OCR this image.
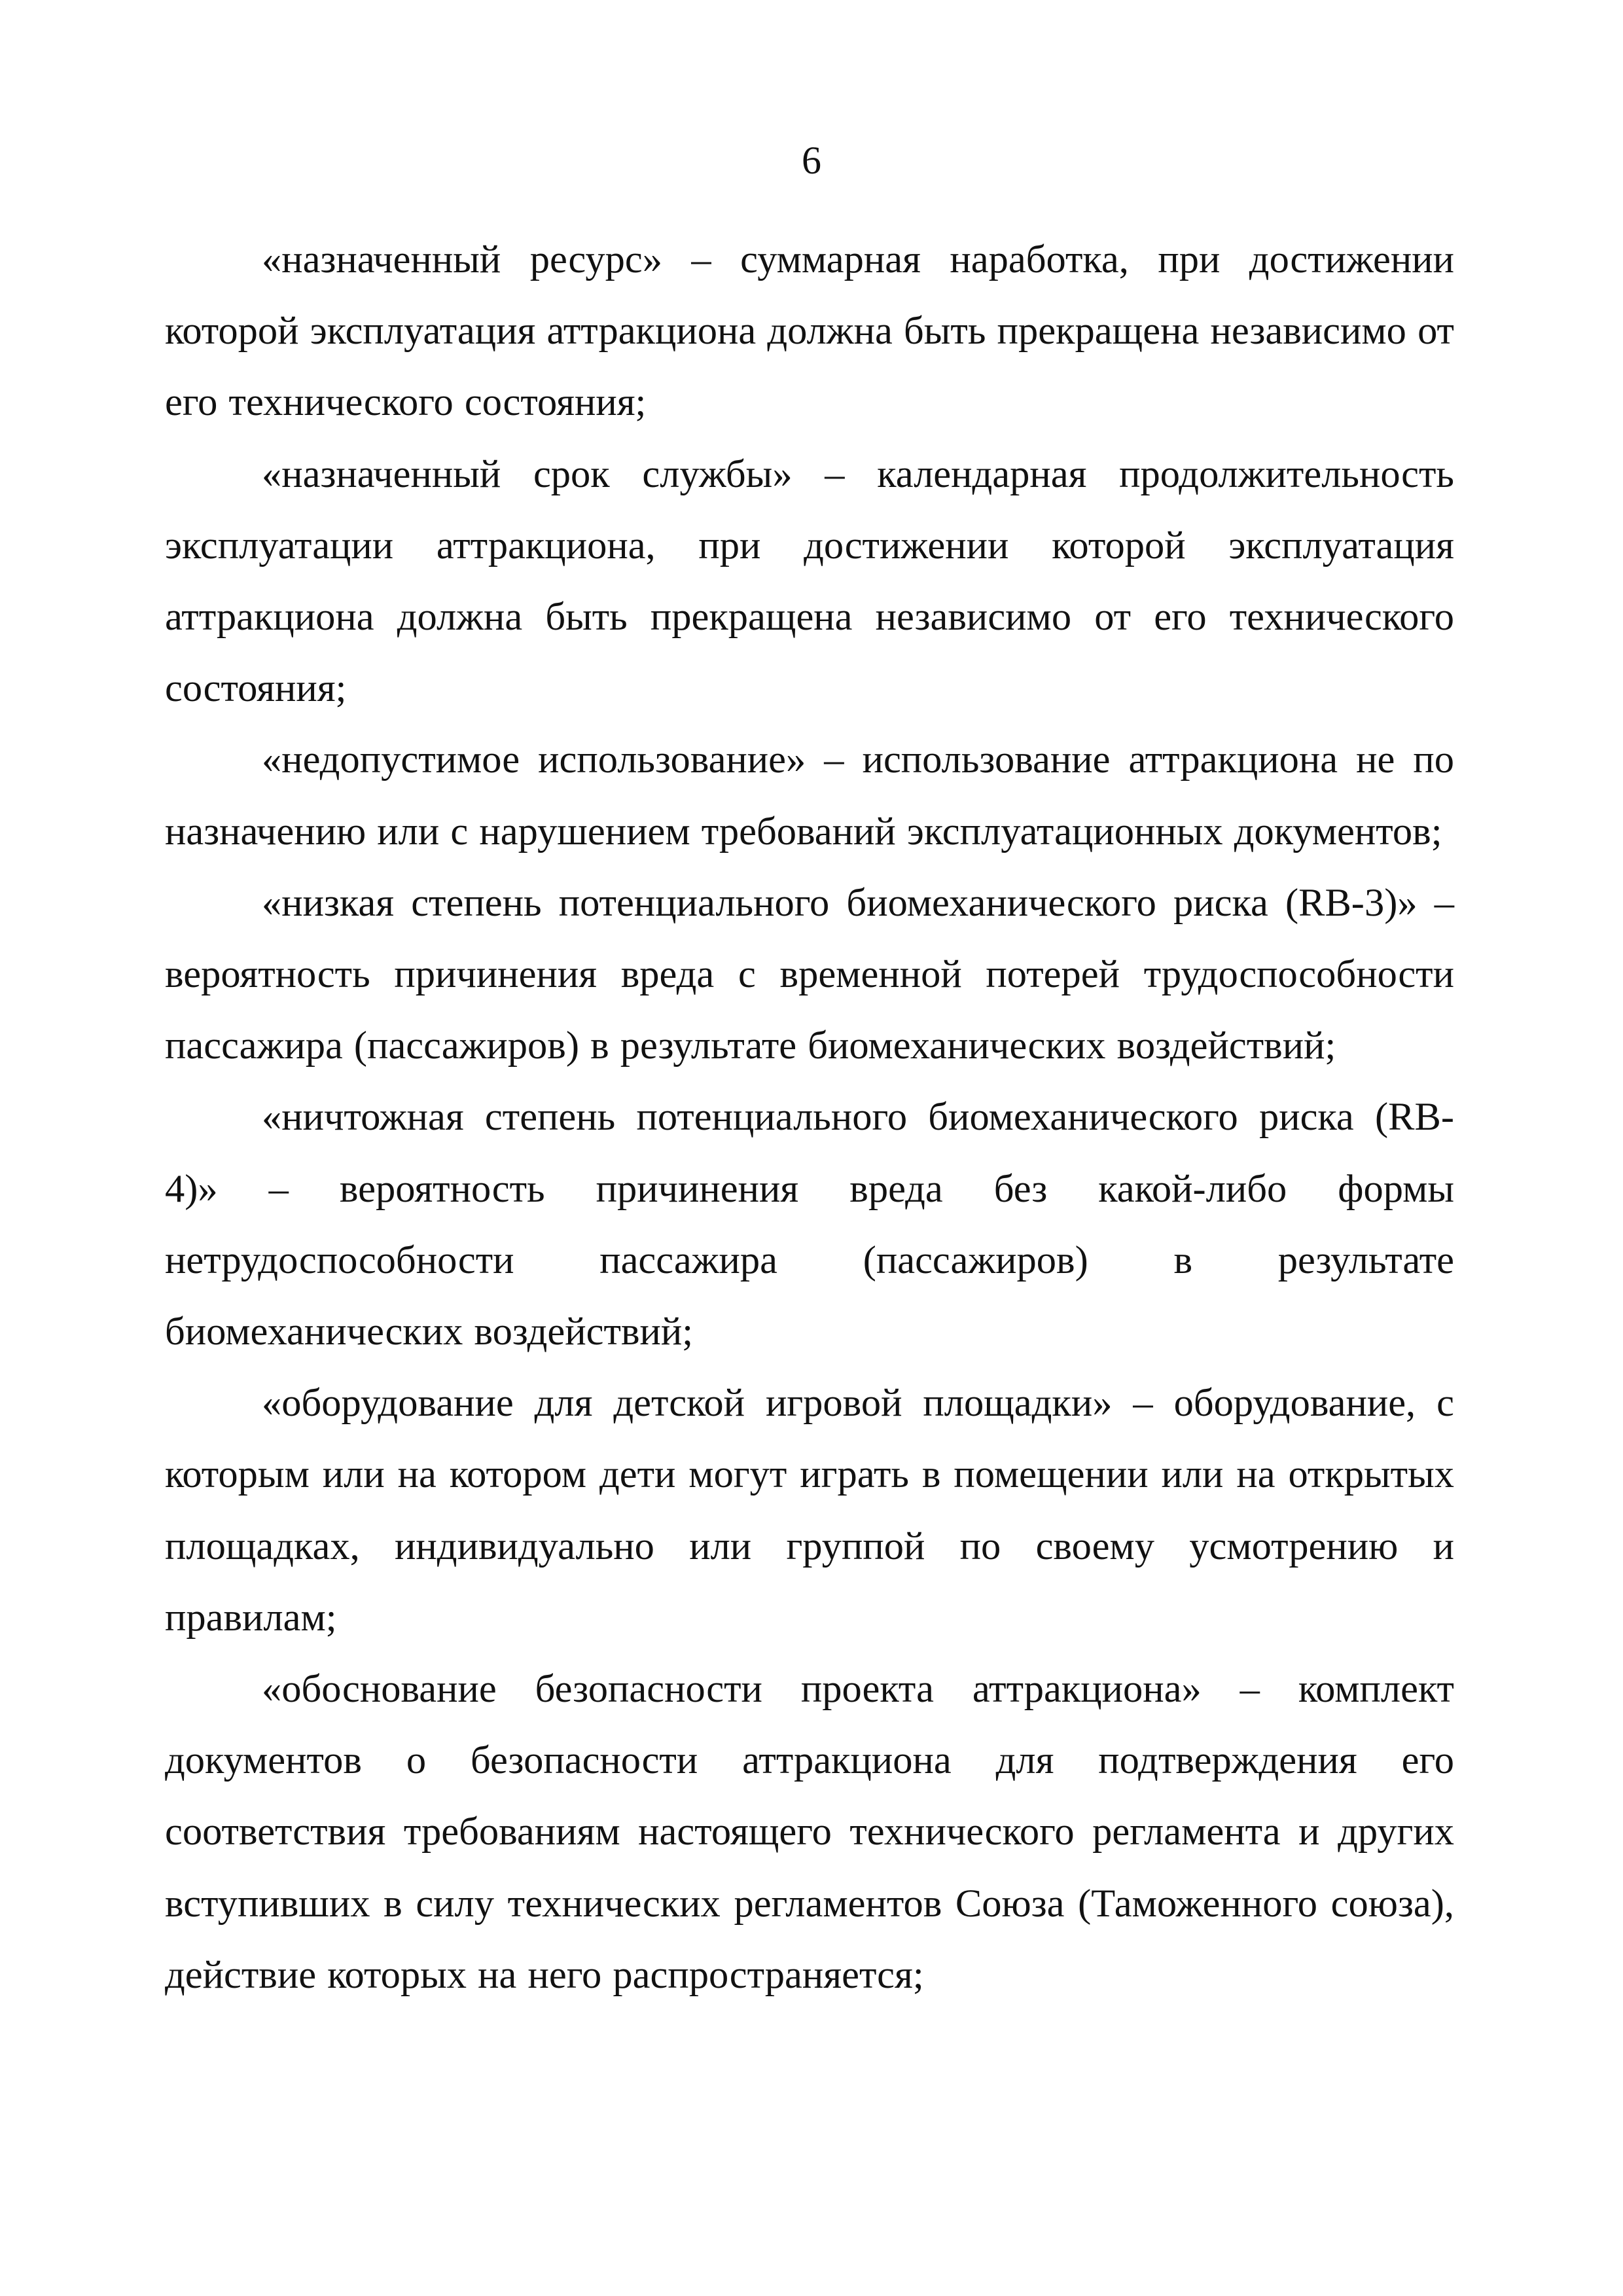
6

«назначенный ресурс» – суммарная наработка, при достижении которой эксплуатация аттракциона должна быть прекращена независимо от его технического состояния;

«назначенный срок службы» – календарная продолжительность эксплуатации аттракциона, при достижении которой эксплуатация аттракциона должна быть прекращена независимо от его технического состояния;

«недопустимое использование» – использование аттракциона не по назначению или с нарушением требований эксплуатационных документов;

«низкая степень потенциального биомеханического риска (RB-3)» – вероятность причинения вреда с временной потерей трудоспособности пассажира (пассажиров) в результате биомеханических воздействий;

«ничтожная степень потенциального биомеханического риска (RB-4)» – вероятность причинения вреда без какой-либо формы нетрудоспособности пассажира (пассажиров) в результате биомеханических воздействий;

«оборудование для детской игровой площадки» – оборудование, с которым или на котором дети могут играть в помещении или на открытых площадках, индивидуально или группой по своему усмотрению и правилам;

«обоснование безопасности проекта аттракциона» – комплект документов о безопасности аттракциона для подтверждения его соответствия требованиям настоящего технического регламента и других вступивших в силу технических регламентов Союза (Таможенного союза), действие которых на него распространяется;
